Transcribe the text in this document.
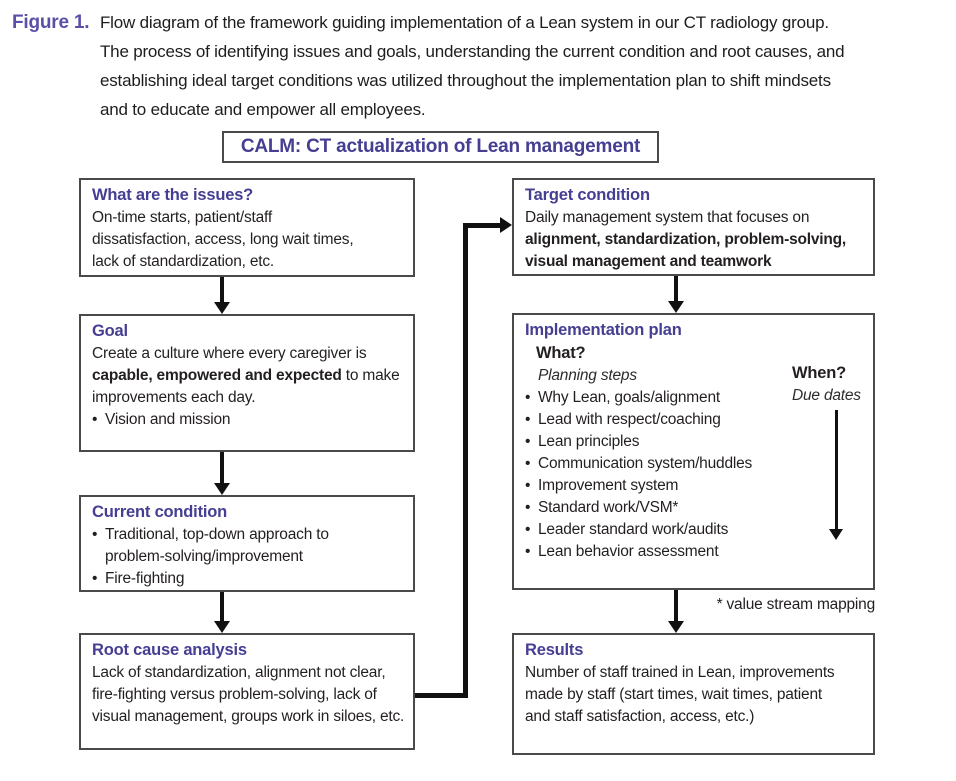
Figure 1. Flow diagram of the framework guiding implementation of a Lean system in our CT radiology group.
The process of identifying issues and goals, understanding the current condition and root causes, and
establishing ideal target conditions was utilized throughout the implementation plan to shift mindsets
and to educate and empower all employees.
CALM: CT actualization of Lean management
What are the issues?
On-time starts, patient/staff
dissatisfaction, access, long wait times,
lack of standardization, etc.
Goal
Create a culture where every caregiver is
capable, empowered and expected to make
improvements each day.
• Vision and mission
Current condition
• Traditional, top-down approach to
problem-solving/improvement
• Fire-fighting
Root cause analysis
Lack of standardization, alignment not clear,
fire-fighting versus problem-solving, lack of
visual management, groups work in siloes, etc.
Target condition
Daily management system that focuses on
alignment, standardization, problem-solving,
visual management and teamwork
Implementation plan
What?
Planning steps
• Why Lean, goals/alignment
• Lead with respect/coaching
• Lean principles
• Communication system/huddles
• Improvement system
• Standard work/VSM*
• Leader standard work/audits
• Lean behavior assessment
When?
Due dates
Results
Number of staff trained in Lean, improvements
made by staff (start times, wait times, patient
and staff satisfaction, access, etc.)
* value stream mapping
